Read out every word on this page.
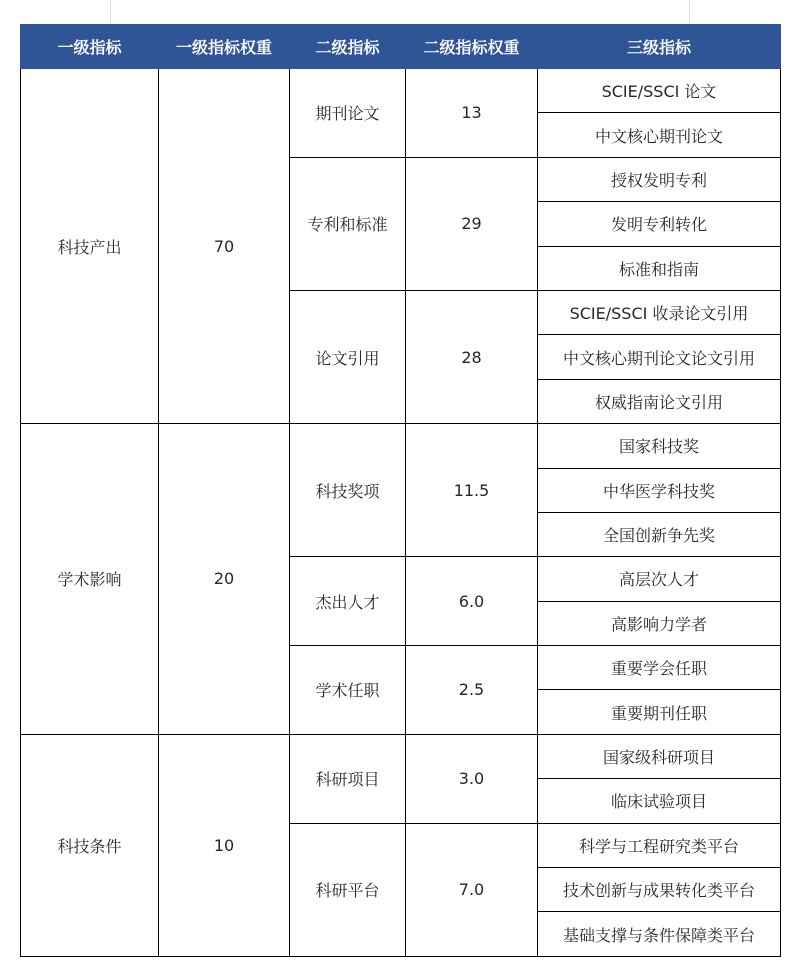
一级指标	一级指标权重	二级指标	二级指标权重	三级指标
科技产出	70	期刊论文	13	SCIE/SSCI 论文
				中文核心期刊论文
		专利和标准	29	授权发明专利
				发明专利转化
				标准和指南
		论文引用	28	SCIE/SSCI 收录论文引用
				中文核心期刊论文论文引用
				权威指南论文引用
学术影响	20	科技奖项	11.5	国家科技奖
				中华医学科技奖
				全国创新争先奖
		杰出人才	6.0	高层次人才
				高影响力学者
		学术任职	2.5	重要学会任职
				重要期刊任职
科技条件	10	科研项目	3.0	国家级科研项目
				临床试验项目
		科研平台	7.0	科学与工程研究类平台
				技术创新与成果转化类平台
				基础支撑与条件保障类平台
